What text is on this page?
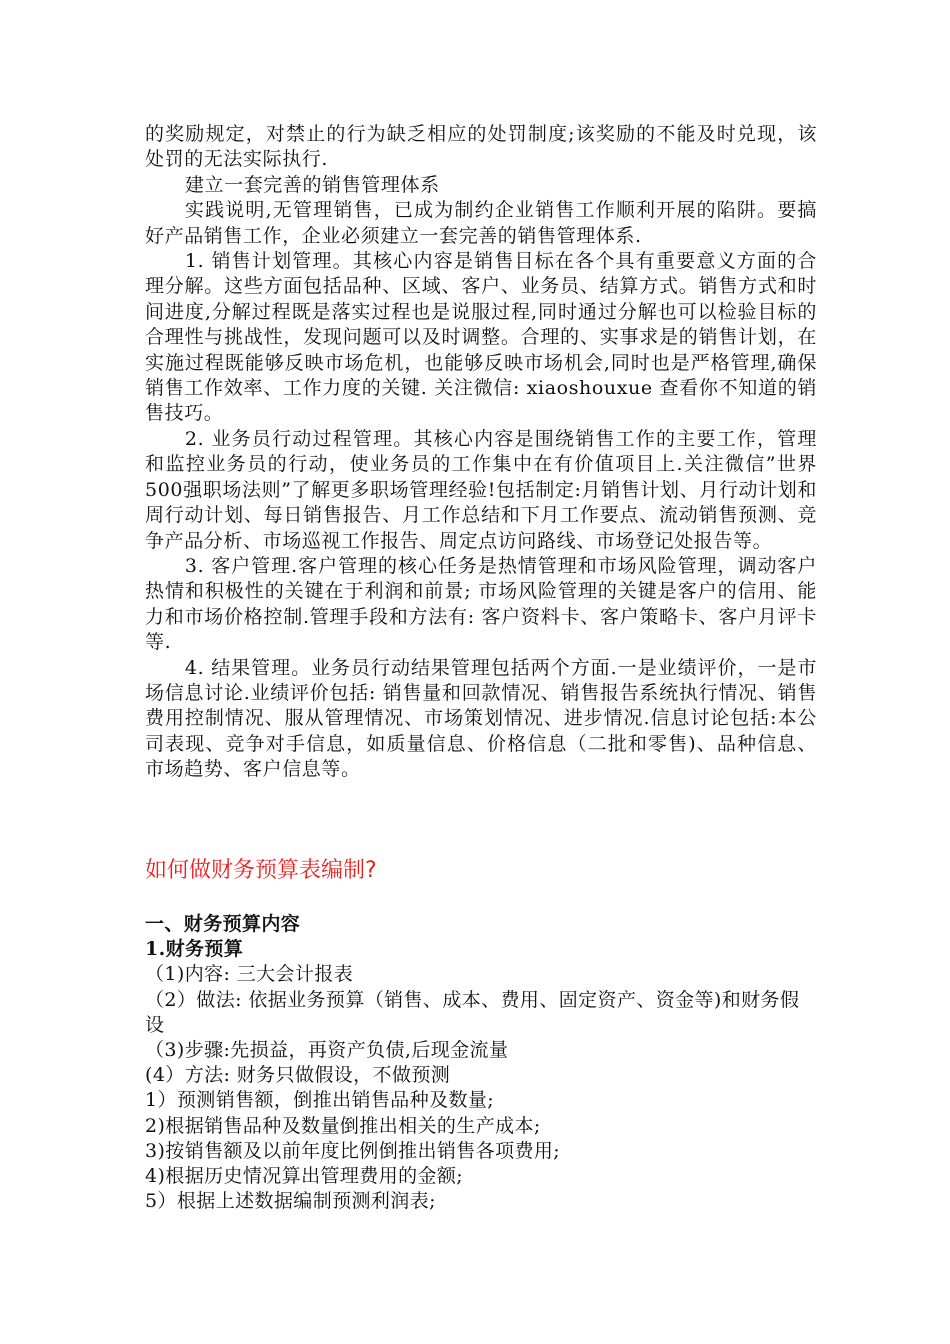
的奖励规定，对禁止的行为缺乏相应的处罚制度;该奖励的不能及时兑现，该处罚的无法实际执行.

建立一套完善的销售管理体系

实践说明,无管理销售，已成为制约企业销售工作顺利开展的陷阱。要搞好产品销售工作，企业必须建立一套完善的销售管理体系.

1. 销售计划管理。其核心内容是销售目标在各个具有重要意义方面的合理分解。这些方面包括品种、区域、客户、业务员、结算方式。销售方式和时间进度,分解过程既是落实过程也是说服过程,同时通过分解也可以检验目标的合理性与挑战性，发现问题可以及时调整。合理的、实事求是的销售计划，在实施过程既能够反映市场危机，也能够反映市场机会,同时也是严格管理,确保销售工作效率、工作力度的关键. 关注微信: xiaoshouxue 查看你不知道的销售技巧。

2. 业务员行动过程管理。其核心内容是围绕销售工作的主要工作，管理和监控业务员的行动，使业务员的工作集中在有价值项目上.关注微信”世界500强职场法则”了解更多职场管理经验!包括制定:月销售计划、月行动计划和周行动计划、每日销售报告、月工作总结和下月工作要点、流动销售预测、竞争产品分析、市场巡视工作报告、周定点访问路线、市场登记处报告等。

3. 客户管理.客户管理的核心任务是热情管理和市场风险管理，调动客户热情和积极性的关键在于利润和前景; 市场风险管理的关键是客户的信用、能力和市场价格控制.管理手段和方法有: 客户资料卡、客户策略卡、客户月评卡等.

4. 结果管理。业务员行动结果管理包括两个方面.一是业绩评价，一是市场信息讨论.业绩评价包括: 销售量和回款情况、销售报告系统执行情况、销售费用控制情况、服从管理情况、市场策划情况、进步情况.信息讨论包括:本公司表现、竞争对手信息，如质量信息、价格信息（二批和零售)、品种信息、市场趋势、客户信息等。

如何做财务预算表编制?

一、财务预算内容

1.财务预算

（1)内容: 三大会计报表

（2）做法: 依据业务预算（销售、成本、费用、固定资产、资金等)和财务假设

（3)步骤:先损益，再资产负债,后现金流量

(4）方法: 财务只做假设，不做预测

1）预测销售额，倒推出销售品种及数量;

2)根据销售品种及数量倒推出相关的生产成本;

3)按销售额及以前年度比例倒推出销售各项费用;

4)根据历史情况算出管理费用的金额;

5）根据上述数据编制预测利润表;
